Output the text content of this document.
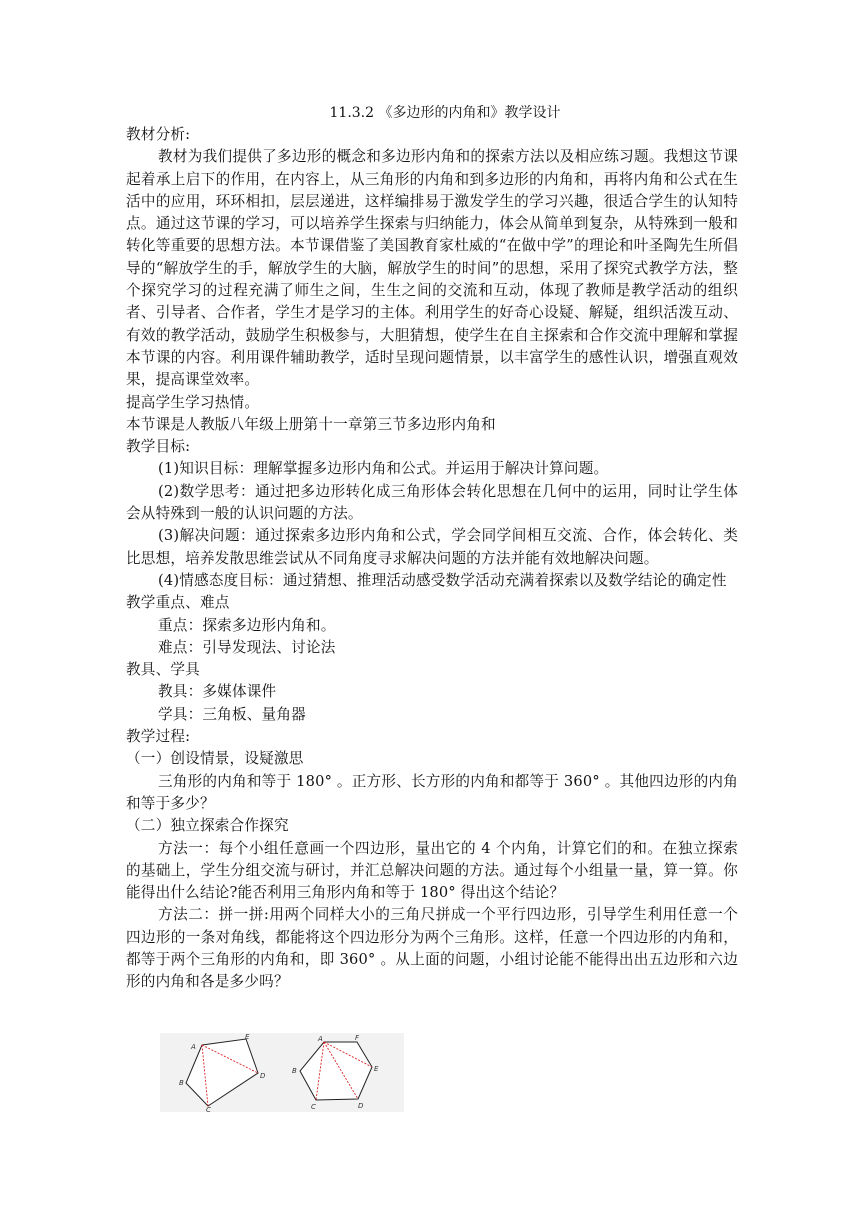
11.3.2 《多边形的内角和》教学设计

教材分析:

教材为我们提供了多边形的概念和多边形内角和的探索方法以及相应练习题。我想这节课起着承上启下的作用，在内容上，从三角形的内角和到多边形的内角和，再将内角和公式在生活中的应用，环环相扣，层层递进，这样编排易于激发学生的学习兴趣，很适合学生的认知特点。通过这节课的学习，可以培养学生探索与归纳能力，体会从简单到复杂，从特殊到一般和转化等重要的思想方法。本节课借鉴了美国教育家杜威的“在做中学”的理论和叶圣陶先生所倡导的“解放学生的手，解放学生的大脑，解放学生的时间”的思想，采用了探究式教学方法，整个探究学习的过程充满了师生之间，生生之间的交流和互动，体现了教师是教学活动的组织者、引导者、合作者，学生才是学习的主体。利用学生的好奇心设疑、解疑，组织活泼互动、有效的教学活动，鼓励学生积极参与，大胆猜想，使学生在自主探索和合作交流中理解和掌握本节课的内容。利用课件辅助教学，适时呈现问题情景，以丰富学生的感性认识，增强直观效果，提高课堂效率。

提高学生学习热情。

本节课是人教版八年级上册第十一章第三节多边形内角和

教学目标:

(1)知识目标：理解掌握多边形内角和公式。并运用于解决计算问题。

(2)数学思考：通过把多边形转化成三角形体会转化思想在几何中的运用，同时让学生体会从特殊到一般的认识问题的方法。

(3)解决问题：通过探索多边形内角和公式，学会同学间相互交流、合作，体会转化、类比思想，培养发散思维尝试从不同角度寻求解决问题的方法并能有效地解决问题。

(4)情感态度目标：通过猜想、推理活动感受数学活动充满着探索以及数学结论的确定性

教学重点、难点

重点：探索多边形内角和。

难点：引导发现法、讨论法

教具、学具

教具：多媒体课件

学具：三角板、量角器

教学过程:

（一）创设情景，设疑激思

三角形的内角和等于 180° 。正方形、长方形的内角和都等于 360° 。其他四边形的内角和等于多少？

（二）独立探索合作探究

方法一：每个小组任意画一个四边形，量出它的 4 个内角，计算它们的和。在独立探索的基础上，学生分组交流与研讨，并汇总解决问题的方法。通过每个小组量一量，算一算。你能得出什么结论?能否利用三角形内角和等于 180° 得出这个结论？

方法二：拼一拼:用两个同样大小的三角尺拼成一个平行四边形，引导学生利用任意一个四边形的一条对角线，都能将这个四边形分为两个三角形。这样，任意一个四边形的内角和，都等于两个三角形的内角和，即 360° 。从上面的问题，小组讨论能不能得出出五边形和六边形的内角和各是多少吗？

A
E
B
D
C
A	F
B	E
C	D
